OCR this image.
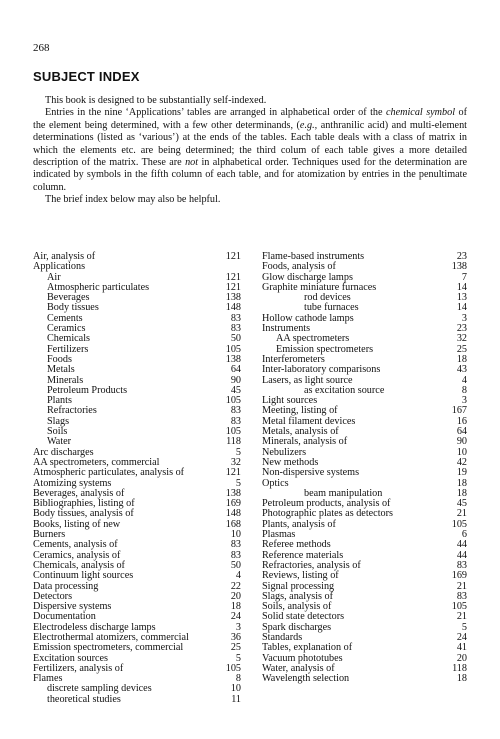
268
SUBJECT INDEX

This book is designed to be substantially self-indexed.

Entries in the nine ‘Applications’ tables are arranged in alphabetical order of the chemical symbol of the element being determined, with a few other determinands, (e.g., anthranilic acid) and multi-element determinations (listed as ‘various’) at the ends of the tables. Each table deals with a class of matrix in which the elements etc. are being determined; the third colum of each table gives a more detailed description of the matrix. These are not in alphabetical order. Techniques used for the determination are indicated by symbols in the fifth column of each table, and for atomization by entries in the penultimate column.

The brief index below may also be helpful.

Air, analysis of	121
Applications
Air	121
Atmospheric particulates	121
Beverages	138
Body tissues	148
Cements	83
Ceramics	83
Chemicals	50
Fertilizers	105
Foods	138
Metals	64
Minerals	90
Petroleum Products	45
Plants	105
Refractories	83
Slags	83
Soils	105
Water	118
Arc discharges	5
AA spectrometers, commercial	32
Atmospheric particulates, analysis of	121
Atomizing systems	5
Beverages, analysis of	138
Bibliographies, listing of	169
Body tissues, analysis of	148
Books, listing of new	168
Burners	10
Cements, analysis of	83
Ceramics, analysis of	83
Chemicals, analysis of	50
Continuum light sources	4
Data processing	22
Detectors	20
Dispersive systems	18
Documentation	24
Electrodeless discharge lamps	3
Electrothermal atomizers, commercial	36
Emission spectrometers, commercial	25
Excitation sources	5
Fertilizers, analysis of	105
Flames	8
discrete sampling devices	10
theoretical studies	11
Flame-based instruments	23
Foods, analysis of	138
Glow discharge lamps	7
Graphite miniature furnaces	14
rod devices	13
tube furnaces	14
Hollow cathode lamps	3
Instruments	23
AA spectrometers	32
Emission spectrometers	25
Interferometers	18
Inter-laboratory comparisons	43
Lasers, as light source	4
as excitation source	8
Light sources	3
Meeting, listing of	167
Metal filament devices	16
Metals, analysis of	64
Minerals, analysis of	90
Nebulizers	10
New methods	42
Non-dispersive systems	19
Optics	18
beam manipulation	18
Petroleum products, analysis of	45
Photographic plates as detectors	21
Plants, analysis of	105
Plasmas	6
Referee methods	44
Reference materials	44
Refractories, analysis of	83
Reviews, listing of	169
Signal processing	21
Slags, analysis of	83
Soils, analysis of	105
Solid state detectors	21
Spark discharges	5
Standards	24
Tables, explanation of	41
Vacuum phototubes	20
Water, analysis of	118
Wavelength selection	18
